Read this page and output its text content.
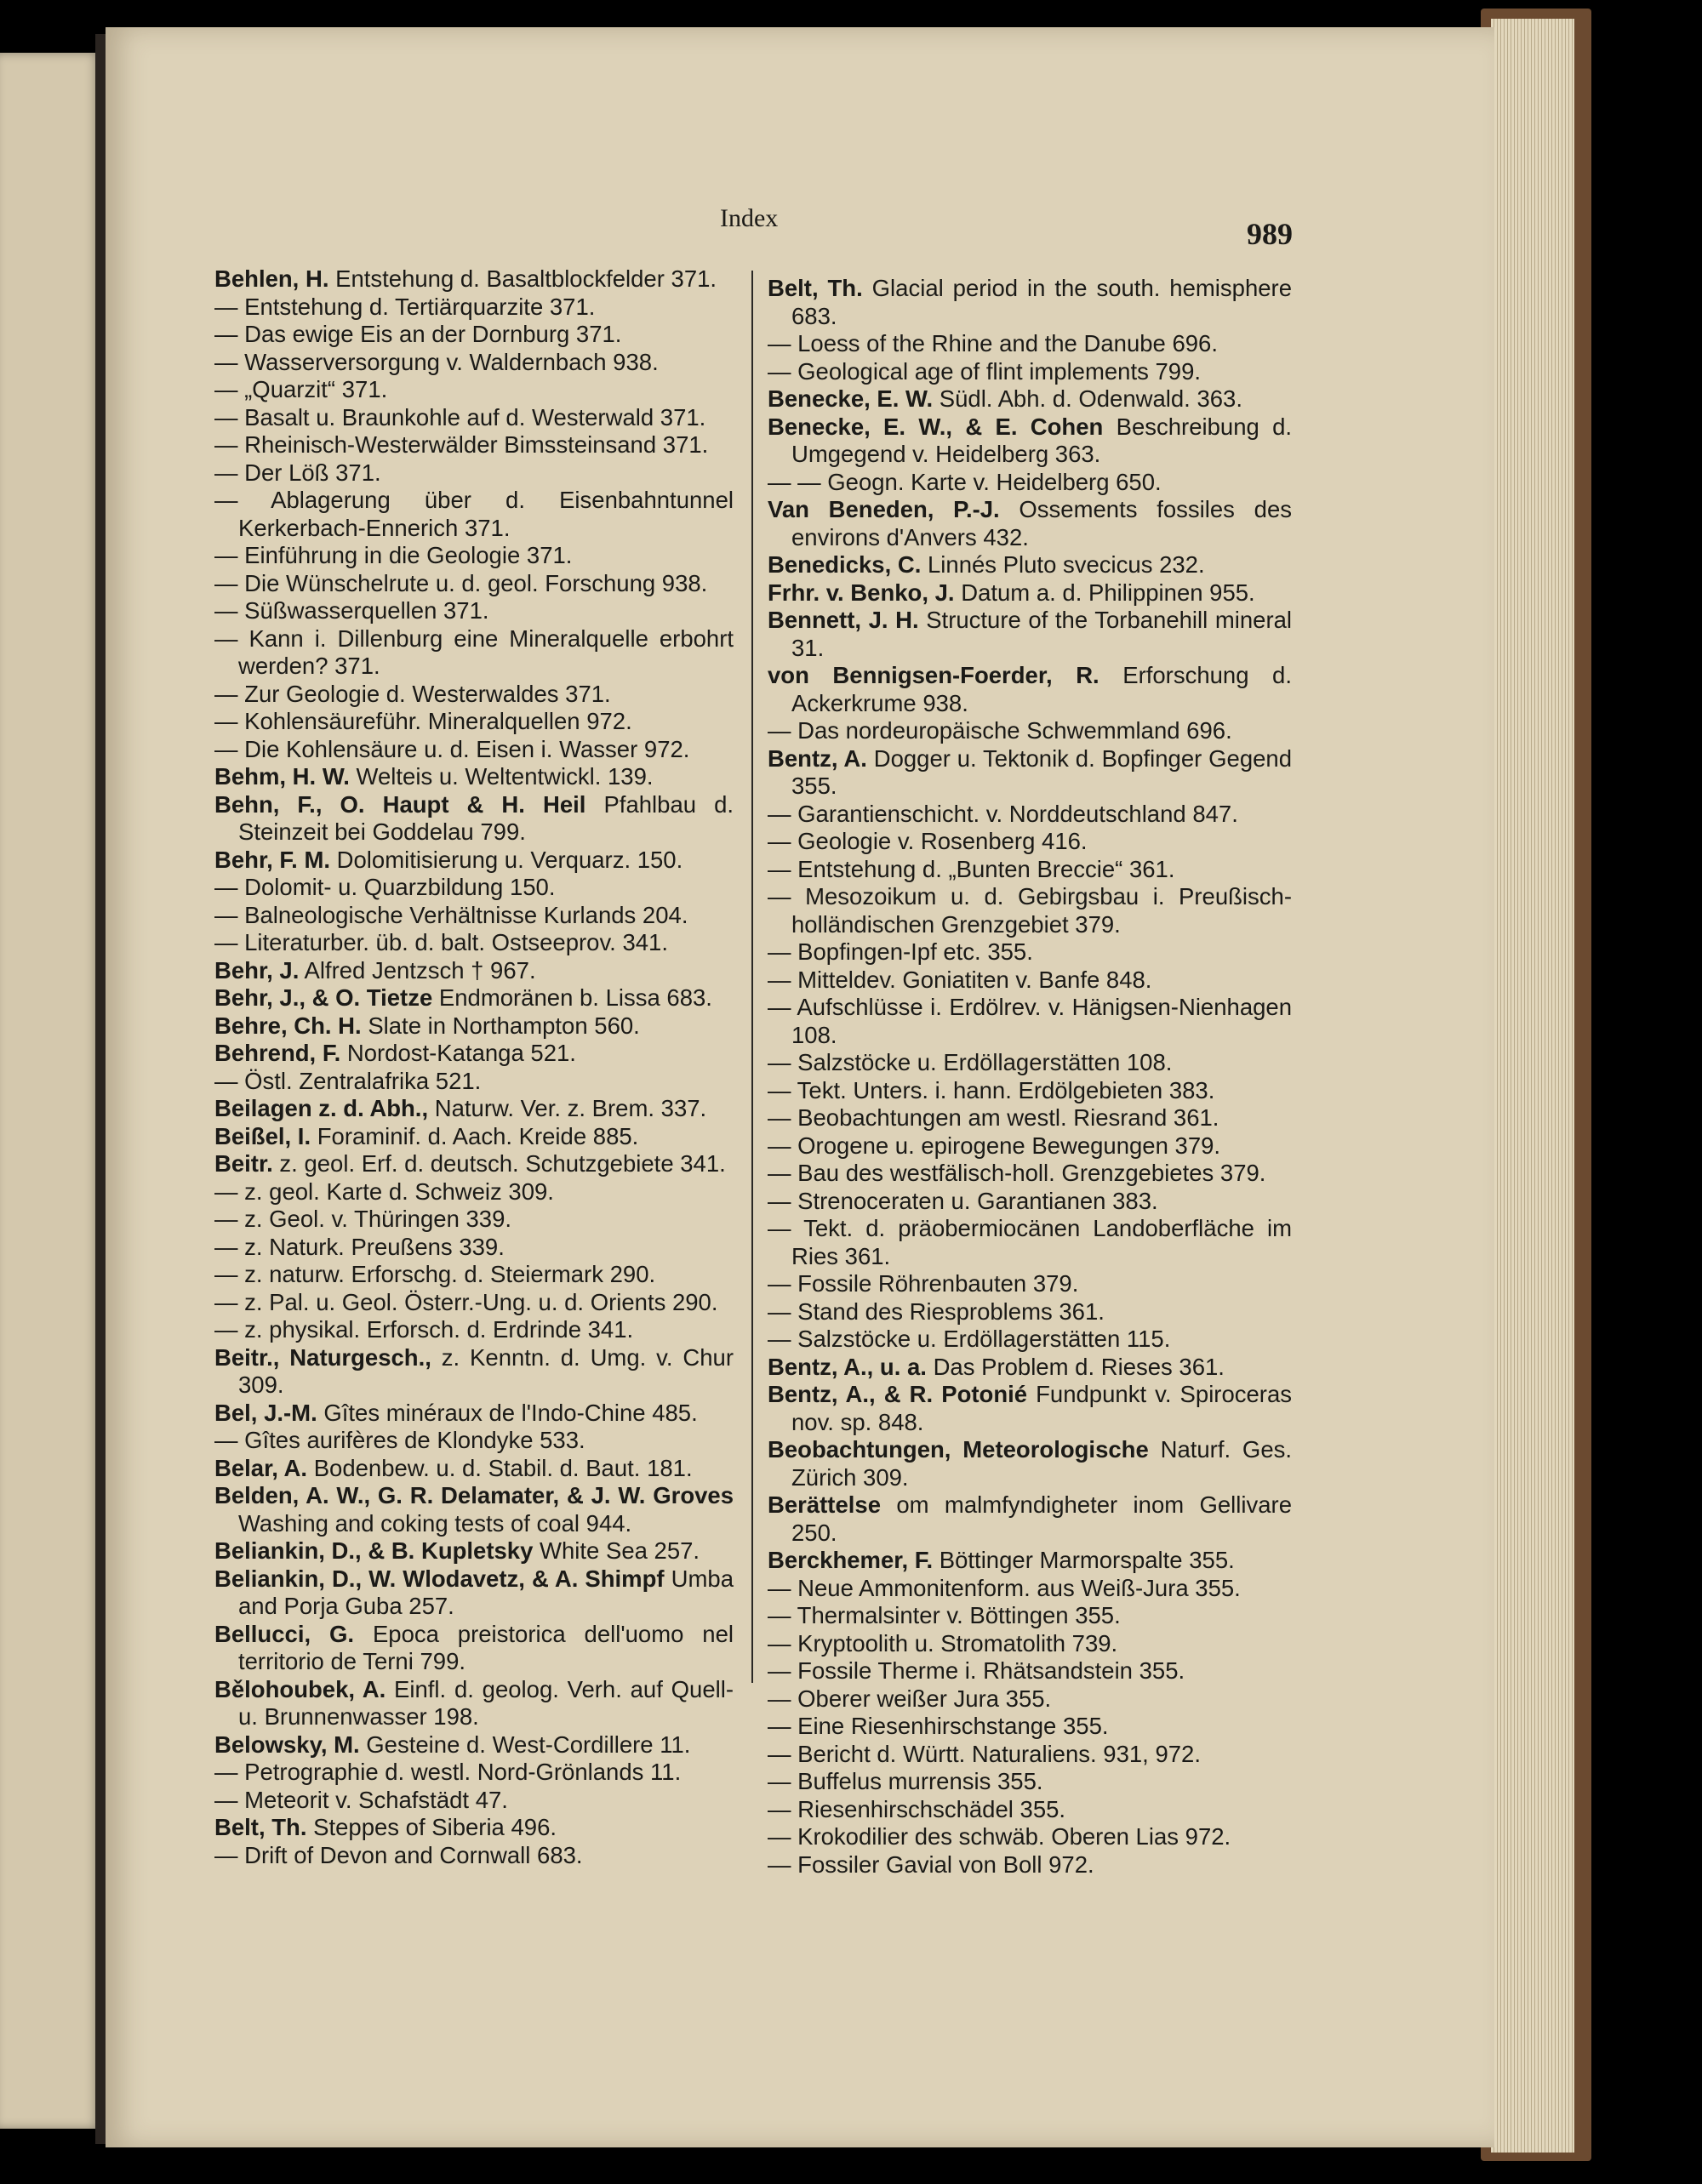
Index	989
Behlen, H. Entstehung d. Basaltblockfelder 371.
— Entstehung d. Tertiärquarzite 371.
— Das ewige Eis an der Dornburg 371.
— Wasserversorgung v. Waldernbach 938.
— „Quarzit“ 371.
— Basalt u. Braunkohle auf d. Westerwald 371.
— Rheinisch-Westerwälder Bimssteinsand 371.
— Der Löß 371.
— Ablagerung über d. Eisenbahntunnel Kerkerbach-Ennerich 371.
— Einführung in die Geologie 371.
— Die Wünschelrute u. d. geol. Forschung 938.
— Süßwasserquellen 371.
— Kann i. Dillenburg eine Mineralquelle erbohrt werden? 371.
— Zur Geologie d. Westerwaldes 371.
— Kohlensäureführ. Mineralquellen 972.
— Die Kohlensäure u. d. Eisen i. Wasser 972.
Behm, H. W. Welteis u. Weltentwickl. 139.
Behn, F., O. Haupt & H. Heil Pfahlbau d. Steinzeit bei Goddelau 799.
Behr, F. M. Dolomitisierung u. Verquarz. 150.
— Dolomit- u. Quarzbildung 150.
— Balneologische Verhältnisse Kurlands 204.
— Literaturber. üb. d. balt. Ostseeprov. 341.
Behr, J. Alfred Jentzsch † 967.
Behr, J., & O. Tietze Endmoränen b. Lissa 683.
Behre, Ch. H. Slate in Northampton 560.
Behrend, F. Nordost-Katanga 521.
— Östl. Zentralafrika 521.
Beilagen z. d. Abh., Naturw. Ver. z. Brem. 337.
Beißel, I. Foraminif. d. Aach. Kreide 885.
Beitr. z. geol. Erf. d. deutsch. Schutzgebiete 341.
— z. geol. Karte d. Schweiz 309.
— z. Geol. v. Thüringen 339.
— z. Naturk. Preußens 339.
— z. naturw. Erforschg. d. Steiermark 290.
— z. Pal. u. Geol. Österr.-Ung. u. d. Orients 290.
— z. physikal. Erforsch. d. Erdrinde 341.
Beitr., Naturgesch., z. Kenntn. d. Umg. v. Chur 309.
Bel, J.-M. Gîtes minéraux de l'Indo-Chine 485.
— Gîtes aurifères de Klondyke 533.
Belar, A. Bodenbew. u. d. Stabil. d. Baut. 181.
Belden, A. W., G. R. Delamater, & J. W. Groves Washing and coking tests of coal 944.
Beliankin, D., & B. Kupletsky White Sea 257.
Beliankin, D., W. Wlodavetz, & A. Shimpf Umba and Porja Guba 257.
Bellucci, G. Epoca preistorica dell'uomo nel territorio de Terni 799.
Bělohoubek, A. Einfl. d. geolog. Verh. auf Quell- u. Brunnenwasser 198.
Belowsky, M. Gesteine d. West-Cordillere 11.
— Petrographie d. westl. Nord-Grönlands 11.
— Meteorit v. Schafstädt 47.
Belt, Th. Steppes of Siberia 496.
— Drift of Devon and Cornwall 683.
Belt, Th. Glacial period in the south. hemisphere 683.
— Loess of the Rhine and the Danube 696.
— Geological age of flint implements 799.
Benecke, E. W. Südl. Abh. d. Odenwald. 363.
Benecke, E. W., & E. Cohen Beschreibung d. Umgegend v. Heidelberg 363.
— — Geogn. Karte v. Heidelberg 650.
Van Beneden, P.-J. Ossements fossiles des environs d'Anvers 432.
Benedicks, C. Linnés Pluto svecicus 232.
Frhr. v. Benko, J. Datum a. d. Philippinen 955.
Bennett, J. H. Structure of the Torbanehill mineral 31.
von Bennigsen-Foerder, R. Erforschung d. Ackerkrume 938.
— Das nordeuropäische Schwemmland 696.
Bentz, A. Dogger u. Tektonik d. Bopfinger Gegend 355.
— Garantienschicht. v. Norddeutschland 847.
— Geologie v. Rosenberg 416.
— Entstehung d. „Bunten Breccie“ 361.
— Mesozoikum u. d. Gebirgsbau i. Preußisch-holländischen Grenzgebiet 379.
— Bopfingen-Ipf etc. 355.
— Mitteldev. Goniatiten v. Banfe 848.
— Aufschlüsse i. Erdölrev. v. Hänigsen-Nienhagen 108.
— Salzstöcke u. Erdöllagerstätten 108.
— Tekt. Unters. i. hann. Erdölgebieten 383.
— Beobachtungen am westl. Riesrand 361.
— Orogene u. epirogene Bewegungen 379.
— Bau des westfälisch-holl. Grenzgebietes 379.
— Strenoceraten u. Garantianen 383.
— Tekt. d. präobermiocänen Landoberfläche im Ries 361.
— Fossile Röhrenbauten 379.
— Stand des Riesproblems 361.
— Salzstöcke u. Erdöllagerstätten 115.
Bentz, A., u. a. Das Problem d. Rieses 361.
Bentz, A., & R. Potonié Fundpunkt v. Spiroceras nov. sp. 848.
Beobachtungen, Meteorologische Naturf. Ges. Zürich 309.
Berättelse om malmfyndigheter inom Gellivare 250.
Berckhemer, F. Böttinger Marmorspalte 355.
— Neue Ammonitenform. aus Weiß-Jura 355.
— Thermalsinter v. Böttingen 355.
— Kryptoolith u. Stromatolith 739.
— Fossile Therme i. Rhätsandstein 355.
— Oberer weißer Jura 355.
— Eine Riesenhirschstange 355.
— Bericht d. Württ. Naturaliens. 931, 972.
— Buffelus murrensis 355.
— Riesenhirschschädel 355.
— Krokodilier des schwäb. Oberen Lias 972.
— Fossiler Gavial von Boll 972.
